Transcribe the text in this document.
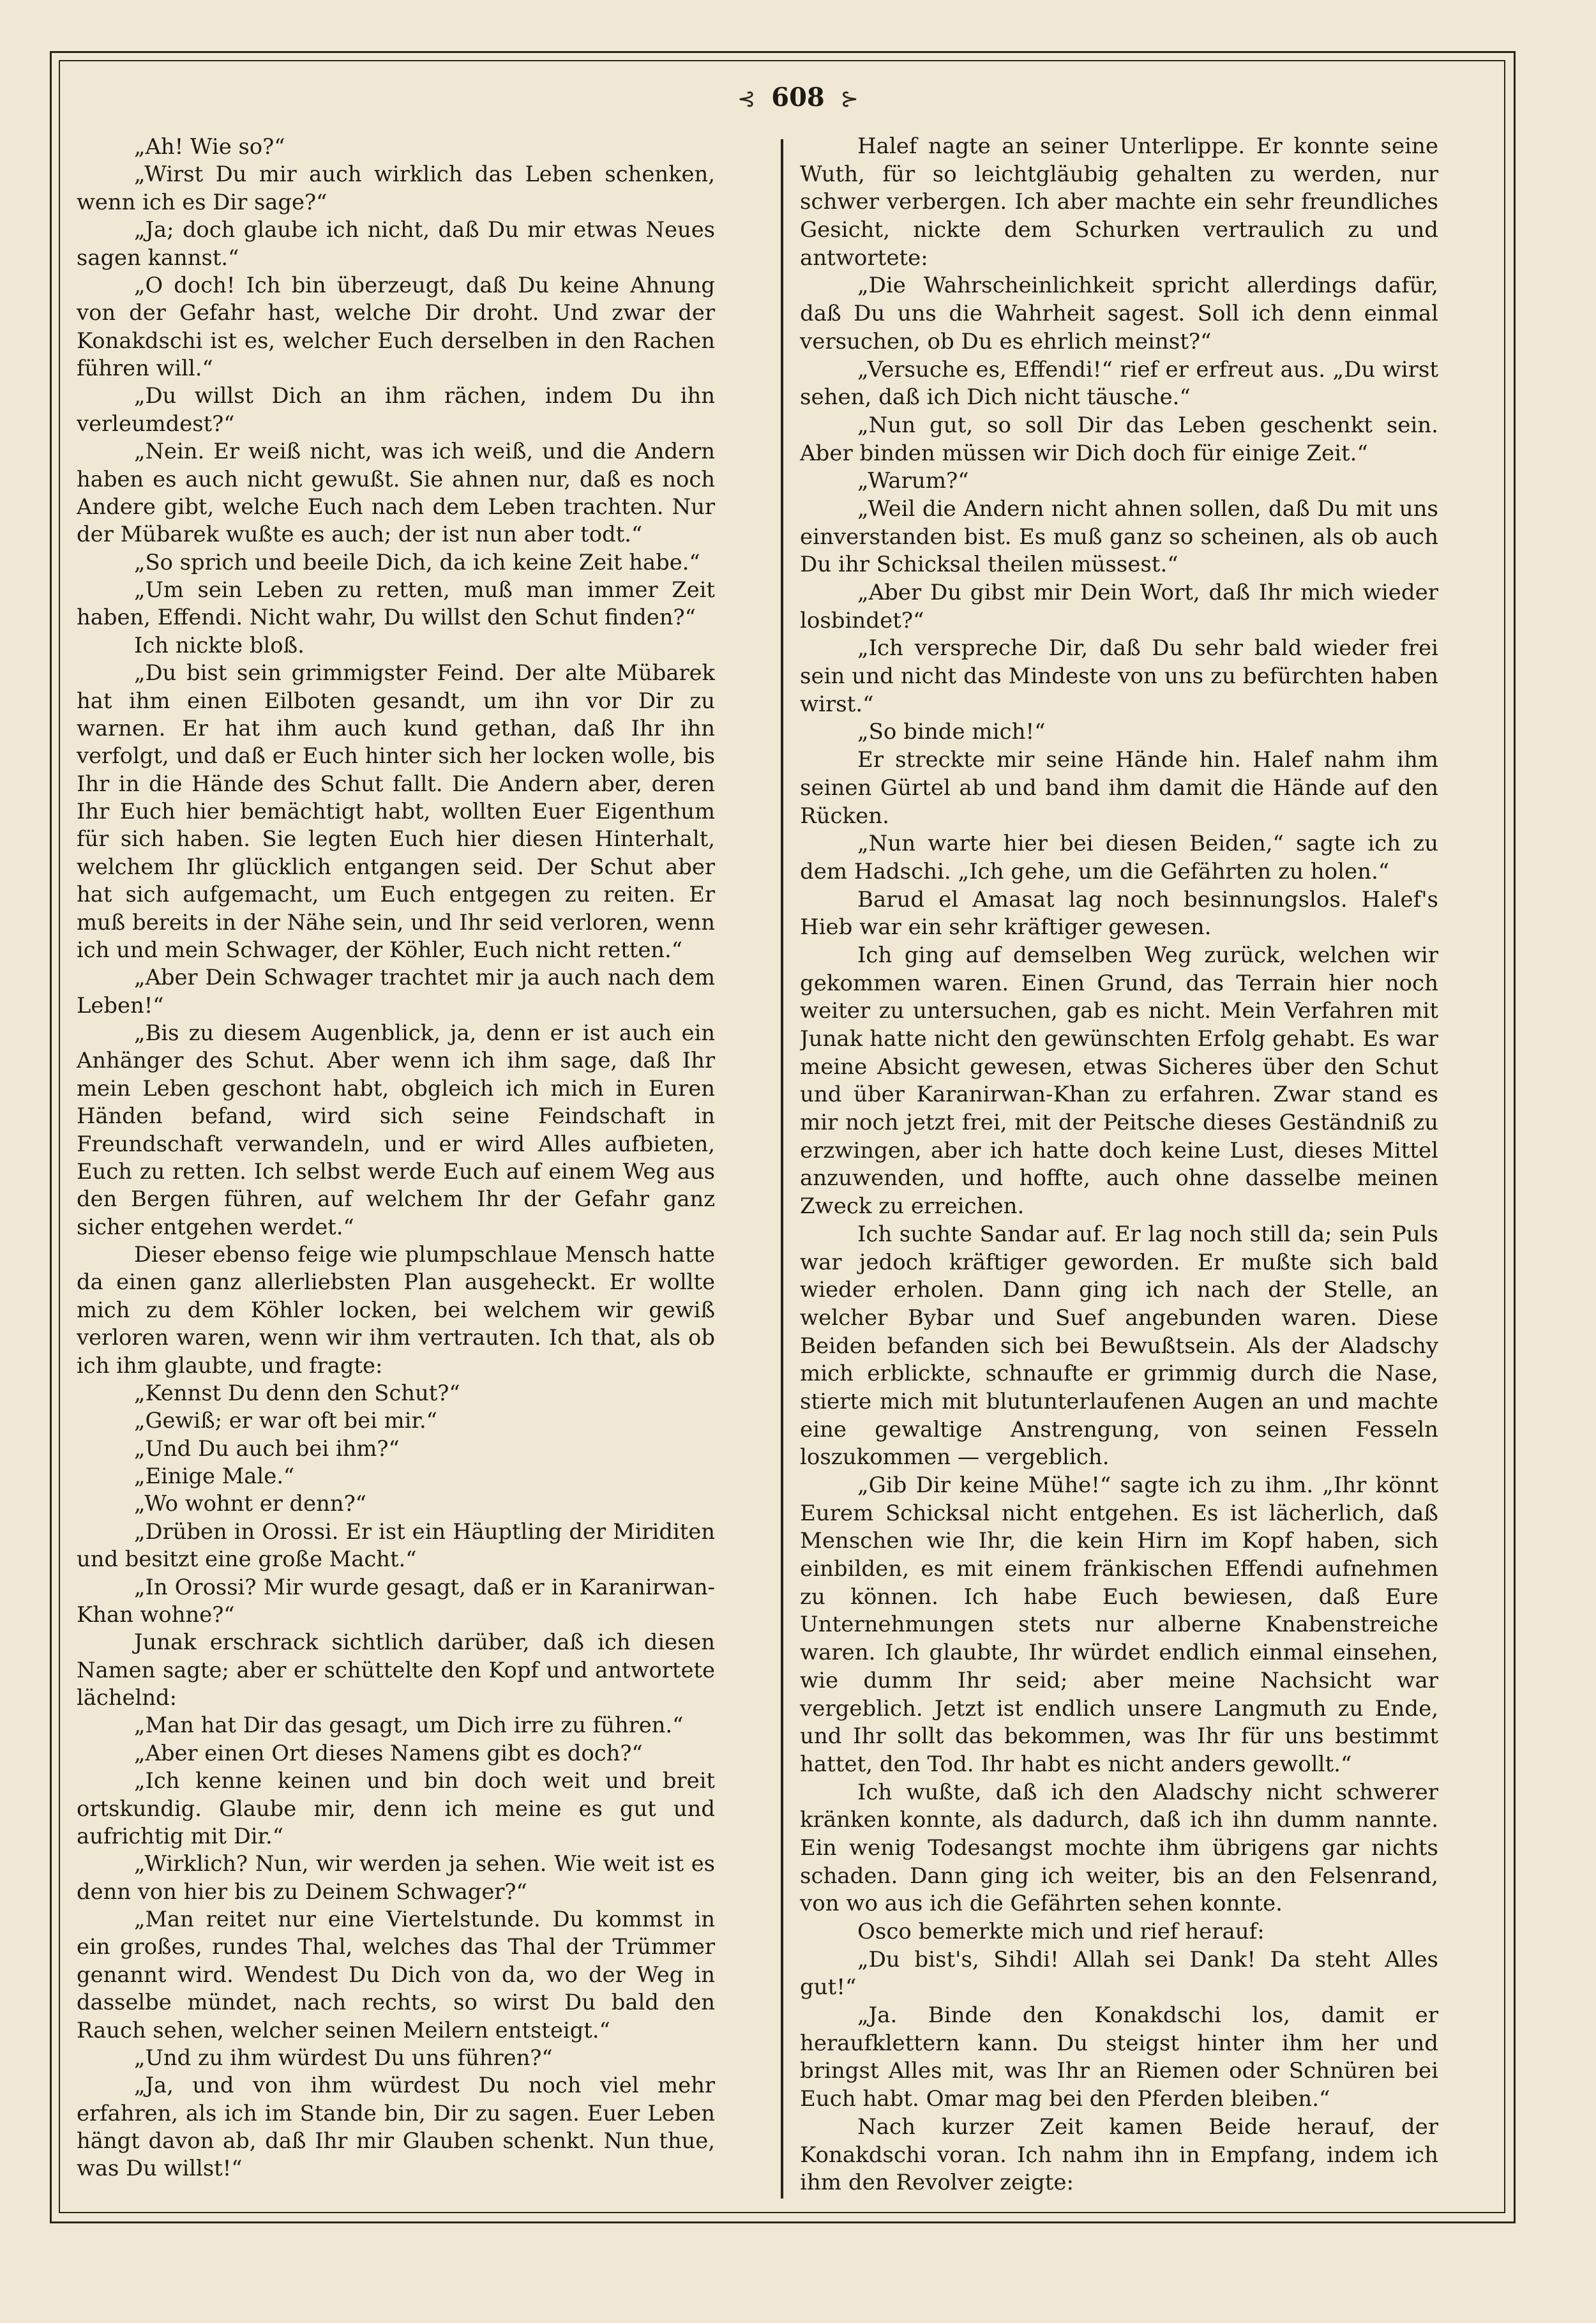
⊰ 608 ⊱

„Ah! Wie so?“

„Wirst Du mir auch wirklich das Leben schenken, wenn ich es Dir sage?“

„Ja; doch glaube ich nicht, daß Du mir etwas Neues sagen kannst.“

„O doch! Ich bin überzeugt, daß Du keine Ahnung von der Gefahr hast, welche Dir droht. Und zwar der Konakdschi ist es, welcher Euch derselben in den Rachen führen will.“

„Du willst Dich an ihm rächen, indem Du ihn verleumdest?“

„Nein. Er weiß nicht, was ich weiß, und die Andern haben es auch nicht gewußt. Sie ahnen nur, daß es noch Andere gibt, welche Euch nach dem Leben trachten. Nur der Mübarek wußte es auch; der ist nun aber todt.“

„So sprich und beeile Dich, da ich keine Zeit habe.“

„Um sein Leben zu retten, muß man immer Zeit haben, Effendi. Nicht wahr, Du willst den Schut finden?“

Ich nickte bloß.

„Du bist sein grimmigster Feind. Der alte Mübarek hat ihm einen Eilboten gesandt, um ihn vor Dir zu warnen. Er hat ihm auch kund gethan, daß Ihr ihn verfolgt, und daß er Euch hinter sich her locken wolle, bis Ihr in die Hände des Schut fallt. Die Andern aber, deren Ihr Euch hier bemächtigt habt, wollten Euer Eigenthum für sich haben. Sie legten Euch hier diesen Hinterhalt, welchem Ihr glücklich entgangen seid. Der Schut aber hat sich aufgemacht, um Euch entgegen zu reiten. Er muß bereits in der Nähe sein, und Ihr seid verloren, wenn ich und mein Schwager, der Köhler, Euch nicht retten.“

„Aber Dein Schwager trachtet mir ja auch nach dem Leben!“

„Bis zu diesem Augenblick, ja, denn er ist auch ein Anhänger des Schut. Aber wenn ich ihm sage, daß Ihr mein Leben geschont habt, obgleich ich mich in Euren Händen befand, wird sich seine Feindschaft in Freundschaft verwandeln, und er wird Alles aufbieten, Euch zu retten. Ich selbst werde Euch auf einem Weg aus den Bergen führen, auf welchem Ihr der Gefahr ganz sicher entgehen werdet.“

Dieser ebenso feige wie plumpschlaue Mensch hatte da einen ganz allerliebsten Plan ausgeheckt. Er wollte mich zu dem Köhler locken, bei welchem wir gewiß verloren waren, wenn wir ihm vertrauten. Ich that, als ob ich ihm glaubte, und fragte:

„Kennst Du denn den Schut?“

„Gewiß; er war oft bei mir.“

„Und Du auch bei ihm?“

„Einige Male.“

„Wo wohnt er denn?“

„Drüben in Orossi. Er ist ein Häuptling der Miriditen und besitzt eine große Macht.“

„In Orossi? Mir wurde gesagt, daß er in Karanirwan-Khan wohne?“

Junak erschrack sichtlich darüber, daß ich diesen Namen sagte; aber er schüttelte den Kopf und antwortete lächelnd:

„Man hat Dir das gesagt, um Dich irre zu führen.“

„Aber einen Ort dieses Namens gibt es doch?“

„Ich kenne keinen und bin doch weit und breit ortskundig. Glaube mir, denn ich meine es gut und aufrichtig mit Dir.“

„Wirklich? Nun, wir werden ja sehen. Wie weit ist es denn von hier bis zu Deinem Schwager?“

„Man reitet nur eine Viertelstunde. Du kommst in ein großes, rundes Thal, welches das Thal der Trümmer genannt wird. Wendest Du Dich von da, wo der Weg in dasselbe mündet, nach rechts, so wirst Du bald den Rauch sehen, welcher seinen Meilern entsteigt.“

„Und zu ihm würdest Du uns führen?“

„Ja, und von ihm würdest Du noch viel mehr erfahren, als ich im Stande bin, Dir zu sagen. Euer Leben hängt davon ab, daß Ihr mir Glauben schenkt. Nun thue, was Du willst!“

Halef nagte an seiner Unterlippe. Er konnte seine Wuth, für so leichtgläubig gehalten zu werden, nur schwer verbergen. Ich aber machte ein sehr freundliches Gesicht, nickte dem Schurken vertraulich zu und antwortete:

„Die Wahrscheinlichkeit spricht allerdings dafür, daß Du uns die Wahrheit sagest. Soll ich denn einmal versuchen, ob Du es ehrlich meinst?“

„Versuche es, Effendi!“ rief er erfreut aus. „Du wirst sehen, daß ich Dich nicht täusche.“

„Nun gut, so soll Dir das Leben geschenkt sein. Aber binden müssen wir Dich doch für einige Zeit.“

„Warum?“

„Weil die Andern nicht ahnen sollen, daß Du mit uns einverstanden bist. Es muß ganz so scheinen, als ob auch Du ihr Schicksal theilen müssest.“

„Aber Du gibst mir Dein Wort, daß Ihr mich wieder losbindet?“

„Ich verspreche Dir, daß Du sehr bald wieder frei sein und nicht das Mindeste von uns zu befürchten haben wirst.“

„So binde mich!“

Er streckte mir seine Hände hin. Halef nahm ihm seinen Gürtel ab und band ihm damit die Hände auf den Rücken.

„Nun warte hier bei diesen Beiden,“ sagte ich zu dem Hadschi. „Ich gehe, um die Gefährten zu holen.“

Barud el Amasat lag noch besinnungslos. Halef's Hieb war ein sehr kräftiger gewesen.

Ich ging auf demselben Weg zurück, welchen wir gekommen waren. Einen Grund, das Terrain hier noch weiter zu untersuchen, gab es nicht. Mein Verfahren mit Junak hatte nicht den gewünschten Erfolg gehabt. Es war meine Absicht gewesen, etwas Sicheres über den Schut und über Karanirwan-Khan zu erfahren. Zwar stand es mir noch jetzt frei, mit der Peitsche dieses Geständniß zu erzwingen, aber ich hatte doch keine Lust, dieses Mittel anzuwenden, und hoffte, auch ohne dasselbe meinen Zweck zu erreichen.

Ich suchte Sandar auf. Er lag noch still da; sein Puls war jedoch kräftiger geworden. Er mußte sich bald wieder erholen. Dann ging ich nach der Stelle, an welcher Bybar und Suef angebunden waren. Diese Beiden befanden sich bei Bewußtsein. Als der Aladschy mich erblickte, schnaufte er grimmig durch die Nase, stierte mich mit blutunterlaufenen Augen an und machte eine gewaltige Anstrengung, von seinen Fesseln loszukommen — vergeblich.

„Gib Dir keine Mühe!“ sagte ich zu ihm. „Ihr könnt Eurem Schicksal nicht entgehen. Es ist lächerlich, daß Menschen wie Ihr, die kein Hirn im Kopf haben, sich einbilden, es mit einem fränkischen Effendi aufnehmen zu können. Ich habe Euch bewiesen, daß Eure Unternehmungen stets nur alberne Knabenstreiche waren. Ich glaubte, Ihr würdet endlich einmal einsehen, wie dumm Ihr seid; aber meine Nachsicht war vergeblich. Jetzt ist endlich unsere Langmuth zu Ende, und Ihr sollt das bekommen, was Ihr für uns bestimmt hattet, den Tod. Ihr habt es nicht anders gewollt.“

Ich wußte, daß ich den Aladschy nicht schwerer kränken konnte, als dadurch, daß ich ihn dumm nannte. Ein wenig Todesangst mochte ihm übrigens gar nichts schaden. Dann ging ich weiter, bis an den Felsenrand, von wo aus ich die Gefährten sehen konnte.

Osco bemerkte mich und rief herauf:

„Du bist's, Sihdi! Allah sei Dank! Da steht Alles gut!“

„Ja. Binde den Konakdschi los, damit er heraufklettern kann. Du steigst hinter ihm her und bringst Alles mit, was Ihr an Riemen oder Schnüren bei Euch habt. Omar mag bei den Pferden bleiben.“

Nach kurzer Zeit kamen Beide herauf, der Konakdschi voran. Ich nahm ihn in Empfang, indem ich ihm den Revolver zeigte:
